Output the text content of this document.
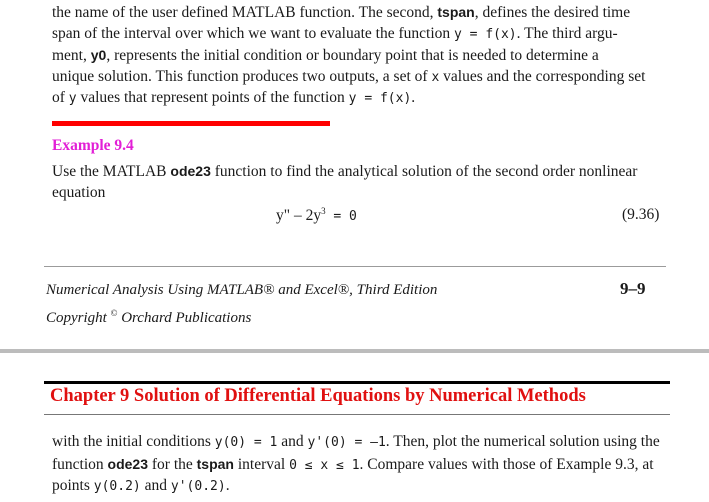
the name of the user defined MATLAB function. The second, tspan, defines the desired time
span of the interval over which we want to evaluate the function y = f(x). The third argu-
ment, y0, represents the initial condition or boundary point that is needed to determine a
unique solution. This function produces two outputs, a set of x values and the corresponding set
of y values that represent points of the function y = f(x).
Example 9.4
Use the MATLAB ode23 function to find the analytical solution of the second order nonlinear
equation
y" – $2y^3 = 0$	(9.36)
Numerical Analysis Using MATLAB® and Excel®, Third Edition
Copyright © Orchard Publications
9–9
Chapter 9 Solution of Differential Equations by Numerical Methods
with the initial conditions y(0) = 1 and y'(0) = –1. Then, plot the numerical solution using the
function ode23 for the tspan interval 0 ≤ x ≤ 1. Compare values with those of Example 9.3, at
points y(0.2) and y'(0.2).
